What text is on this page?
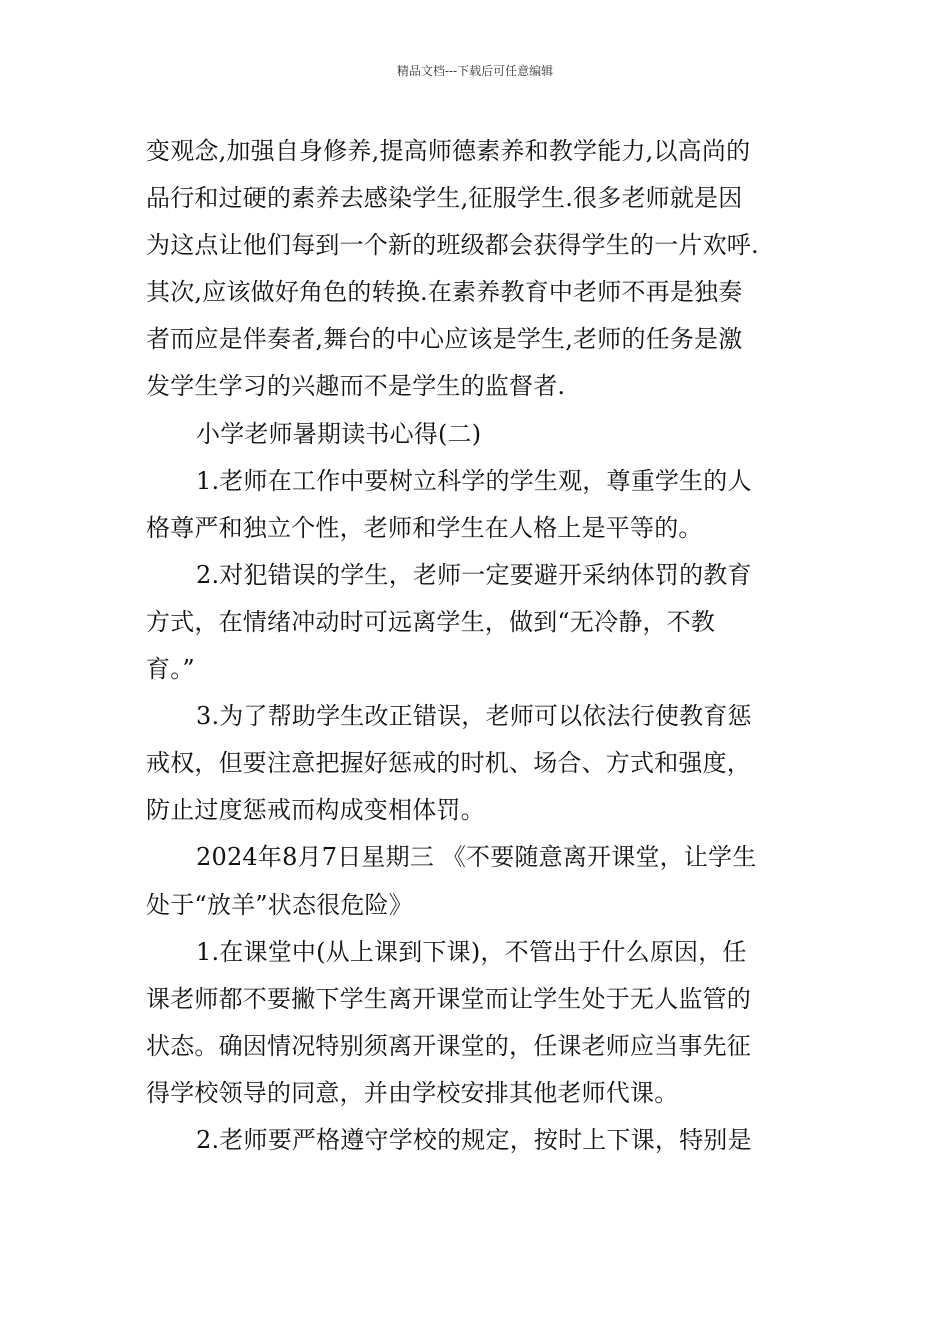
精品文档---下载后可任意编辑
变观念,加强自身修养,提高师德素养和教学能力,以高尚的
品行和过硬的素养去感染学生,征服学生.很多老师就是因
为这点让他们每到一个新的班级都会获得学生的一片欢呼.
其次,应该做好角色的转换.在素养教育中老师不再是独奏
者而应是伴奏者,舞台的中心应该是学生,老师的任务是激
发学生学习的兴趣而不是学生的监督者.
小学老师暑期读书心得(二)
1.老师在工作中要树立科学的学生观，尊重学生的人
格尊严和独立个性，老师和学生在人格上是平等的。
2.对犯错误的学生，老师一定要避开采纳体罚的教育
方式，在情绪冲动时可远离学生，做到“无冷静，不教
育。”
3.为了帮助学生改正错误，老师可以依法行使教育惩
戒权，但要注意把握好惩戒的时机、场合、方式和强度，
防止过度惩戒而构成变相体罚。
2024年8月7日星期三 《不要随意离开课堂，让学生
处于“放羊”状态很危险》
1.在课堂中(从上课到下课)，不管出于什么原因，任
课老师都不要撇下学生离开课堂而让学生处于无人监管的
状态。确因情况特别须离开课堂的，任课老师应当事先征
得学校领导的同意，并由学校安排其他老师代课。
2.老师要严格遵守学校的规定，按时上下课，特别是
